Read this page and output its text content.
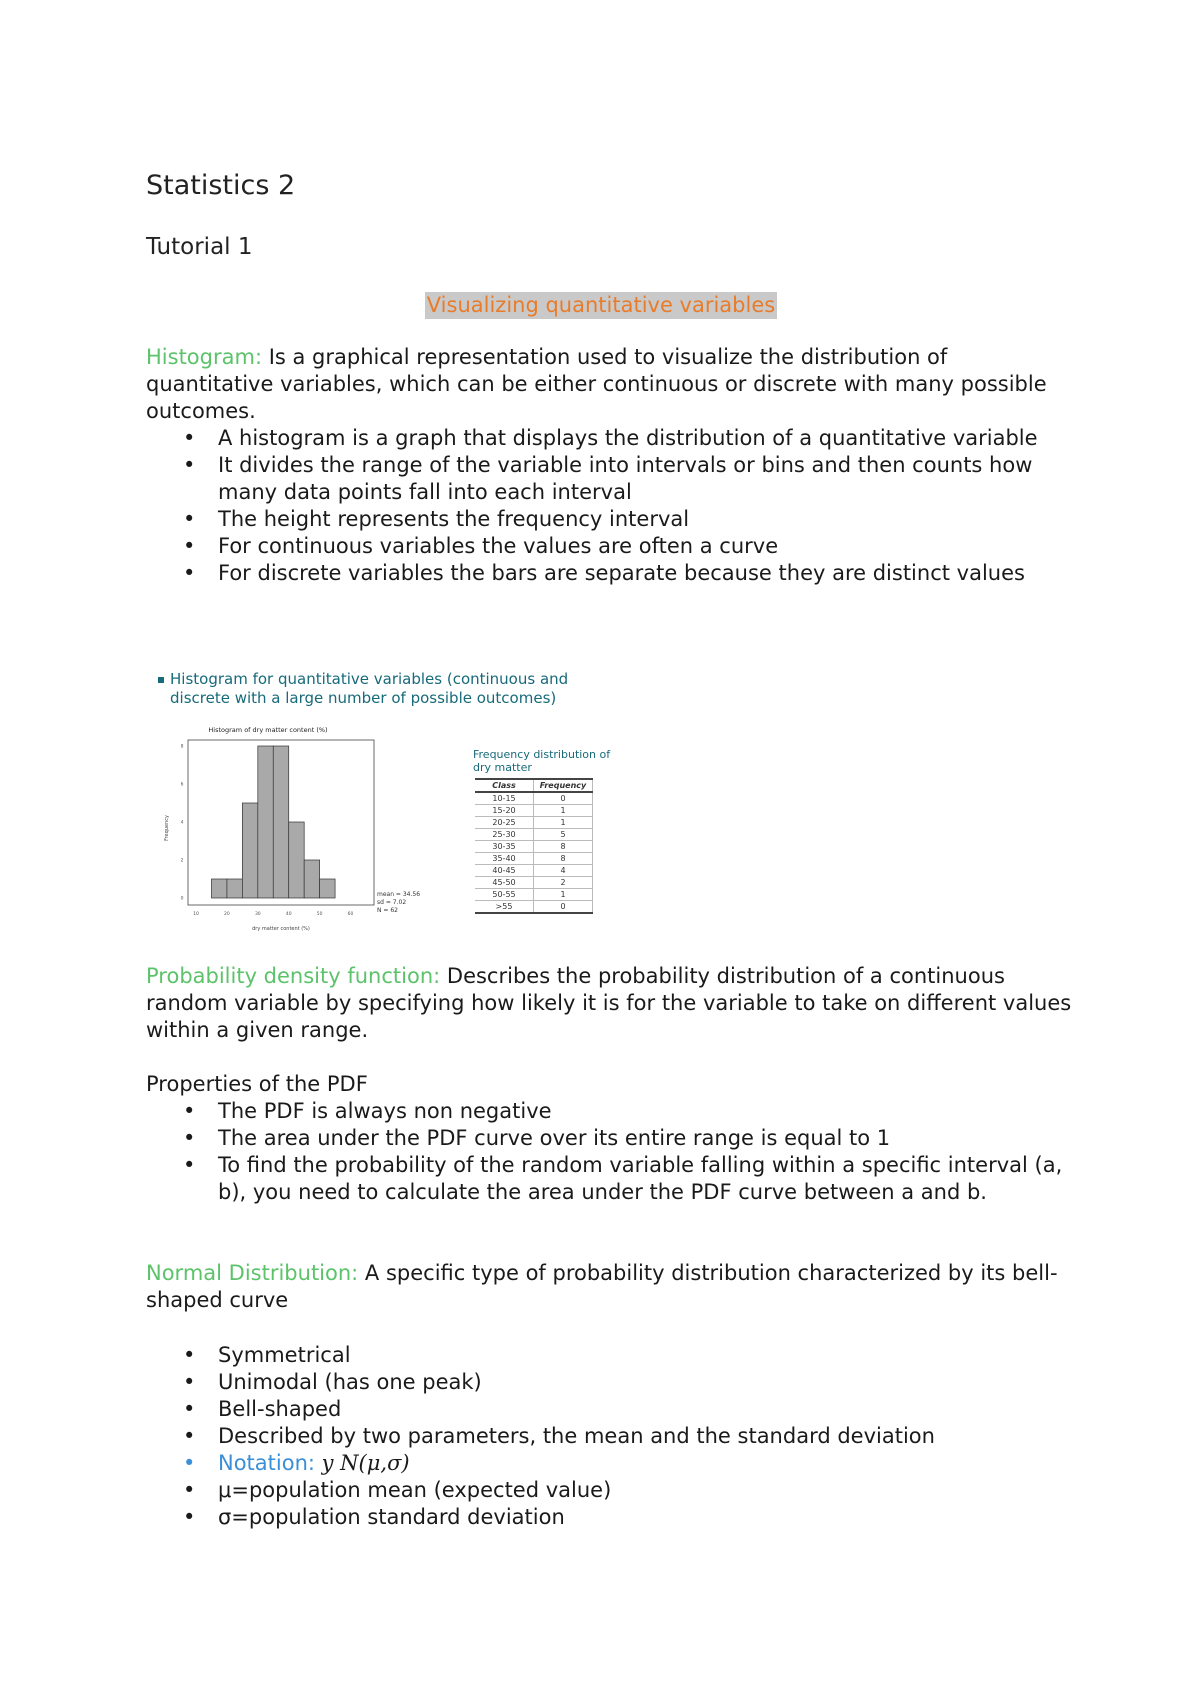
Statistics 2
Tutorial 1
Visualizing quantitative variables

Histogram: Is a graphical representation used to visualize the distribution of quantitative variables, which can be either continuous or discrete with many possible outcomes.

• A histogram is a graph that displays the distribution of a quantitative variable
• It divides the range of the variable into intervals or bins and then counts how many data points fall into each interval
• The height represents the frequency interval
• For continuous variables the values are often a curve
• For discrete variables the bars are separate because they are distinct values
Histogram for quantitative variables (continuous and
discrete with a large number of possible outcomes)
Histogram of dry matter content (%)
10	20	30	40	50	60
0
2
4
6
8
Frequency
dry matter content (%)
mean = 34.56
sd = 7.02
N = 62
Frequency distribution of
dry matter
Class	Frequency
10-15	0
15-20	1
20-25	1
25-30	5
30-35	8
35-40	8
40-45	4
45-50	2
50-55	1
>55	0

Probability density function: Describes the probability distribution of a continuous random variable by specifying how likely it is for the variable to take on different values within a given range.

Properties of the PDF

• The PDF is always non negative
• The area under the PDF curve over its entire range is equal to 1
• To find the probability of the random variable falling within a specific interval (a, b), you need to calculate the area under the PDF curve between a and b.

Normal Distribution: A specific type of probability distribution characterized by its bell-shaped curve

• Symmetrical
• Unimodal (has one peak)
• Bell-shaped
• Described by two parameters, the mean and the standard deviation
• Notation: y N(μ,σ)
• μ=population mean (expected value)
• σ=population standard deviation
